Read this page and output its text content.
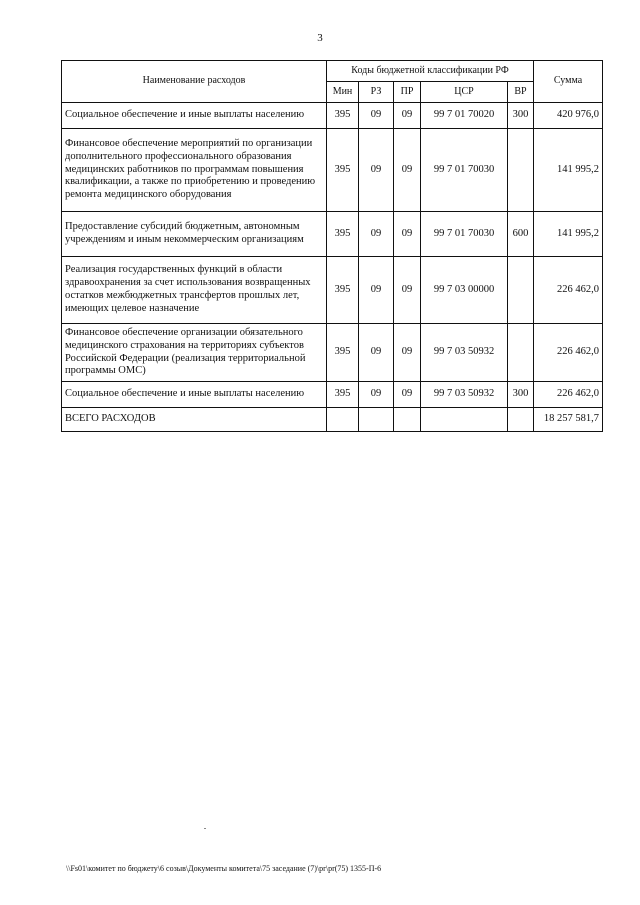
3
Наименование расходов	Коды бюджетной классификации РФ					Сумма
	Мин	РЗ	ПР	ЦСР	ВР	
Социальное обеспечение и иные выплаты населению	395	09	09	99 7 01 70020	300	420 976,0
Финансовое обеспечение мероприятий по организации дополнительного профессионального образования медицинских работников по программам повышения квалификации, а также по приобретению и проведению ремонта медицинского оборудования	395	09	09	99 7 01 70030		141 995,2
Предоставление субсидий бюджетным, автономным учреждениям и иным некоммерческим организациям	395	09	09	99 7 01 70030	600	141 995,2
Реализация государственных функций в области здравоохранения за счет использования возвращенных остатков межбюджетных трансфертов прошлых лет, имеющих целевое назначение	395	09	09	99 7 03 00000		226 462,0
Финансовое обеспечение организации обязательного медицинского страхования на территориях субъектов Российской Федерации (реализация территориальной программы ОМС)	395	09	09	99 7 03 50932		226 462,0
Социальное обеспечение и иные выплаты населению	395	09	09	99 7 03 50932	300	226 462,0
ВСЕГО РАСХОДОВ						18 257 581,7
\\Fs01\комитет по бюджету\6 созыв\Документы комитета\75 заседание (7)\pr\pr(75) 1355-П-6
